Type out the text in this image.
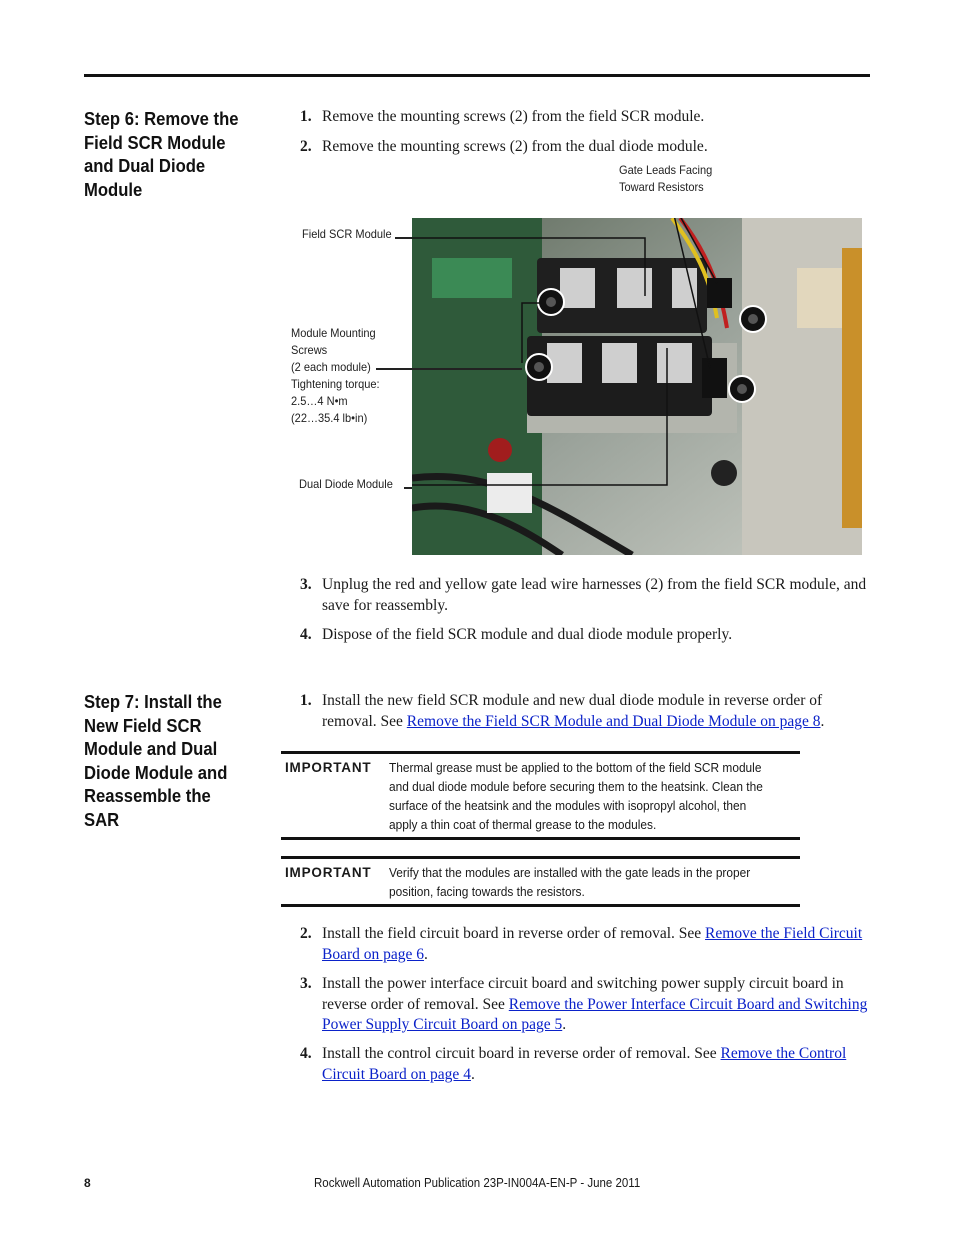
Step 6: Remove the
Field SCR Module
and Dual Diode
Module
1. Remove the mounting screws (2) from the field SCR module.
2. Remove the mounting screws (2) from the dual diode module.
Gate Leads Facing
Toward Resistors
Field SCR Module
Module Mounting
Screws
(2 each module)
Tightening torque:
2.5…4 N•m
(22…35.4 lb•in)
Dual Diode Module
3. Unplug the red and yellow gate lead wire harnesses (2) from the field SCR module, and save for reassembly.
4. Dispose of the field SCR module and dual diode module properly.
Step 7: Install the
New Field SCR
Module and Dual
Diode Module and
Reassemble the
SAR
1. Install the new field SCR module and new dual diode module in reverse order of removal. See Remove the Field SCR Module and Dual Diode Module on page 8.
IMPORTANT Thermal grease must be applied to the bottom of the field SCR module and dual diode module before securing them to the heatsink. Clean the surface of the heatsink and the modules with isopropyl alcohol, then apply a thin coat of thermal grease to the modules.
IMPORTANT Verify that the modules are installed with the gate leads in the proper position, facing towards the resistors.
2. Install the field circuit board in reverse order of removal. See Remove the Field Circuit Board on page 6.
3. Install the power interface circuit board and switching power supply circuit board in reverse order of removal. See Remove the Power Interface Circuit Board and Switching Power Supply Circuit Board on page 5.
4. Install the control circuit board in reverse order of removal. See Remove the Control Circuit Board on page 4.
8	Rockwell Automation Publication 23P-IN004A-EN-P - June 2011
